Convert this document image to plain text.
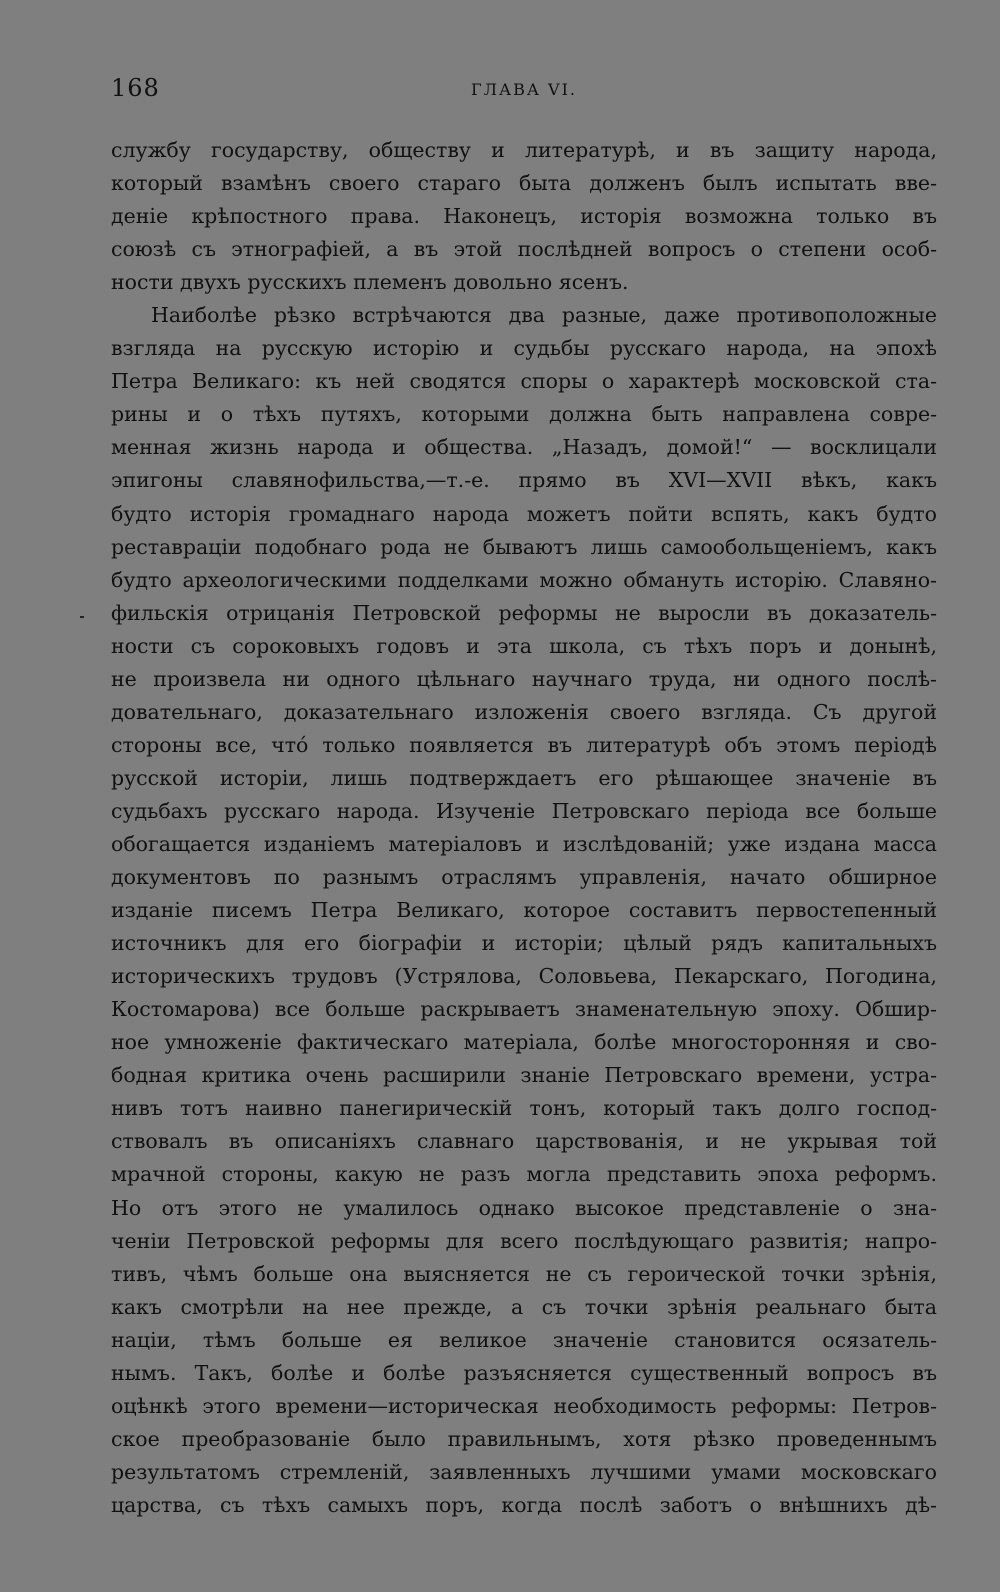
168	ГЛАВА VI.
службу государству, обществу и литературѣ, и въ защиту народа,
который взамѣнъ своего стараго быта долженъ былъ испытать вве-
деніе крѣпостного права. Наконецъ, исторія возможна только въ
союзѣ съ этнографіей, а въ этой послѣдней вопросъ о степени особ-
ности двухъ русскихъ племенъ довольно ясенъ.
Наиболѣе рѣзко встрѣчаются два разные, даже противоположные
взгляда на русскую исторію и судьбы русскаго народа, на эпохѣ
Петра Великаго: къ ней сводятся споры о характерѣ московской ста-
рины и о тѣхъ путяхъ, которыми должна быть направлена совре-
менная жизнь народа и общества. „Назадъ, домой!“ — восклицали
эпигоны славянофильства,—т.-е. прямо въ XVI—XVII вѣкъ, какъ
будто исторія громаднаго народа можетъ пойти вспять, какъ будто
реставраціи подобнаго рода не бываютъ лишь самообольщеніемъ, какъ
будто археологическими подделками можно обмануть исторію. Славяно-
фильскія отрицанія Петровской реформы не выросли въ доказатель-
ности съ сороковыхъ годовъ и эта школа, съ тѣхъ поръ и донынѣ,
не произвела ни одного цѣльнаго научнаго труда, ни одного послѣ-
довательнаго, доказательнаго изложенія своего взгляда. Съ другой
стороны все, что́ только появляется въ литературѣ объ этомъ періодѣ
русской исторіи, лишь подтверждаетъ его рѣшающее значеніе въ
судьбахъ русскаго народа. Изученіе Петровскаго періода все больше
обогащается изданіемъ матеріаловъ и изслѣдованій; уже издана масса
документовъ по разнымъ отраслямъ управленія, начато обширное
изданіе писемъ Петра Великаго, которое составитъ первостепенный
источникъ для его біографіи и исторіи; цѣлый рядъ капитальныхъ
историческихъ трудовъ (Устрялова, Соловьева, Пекарскаго, Погодина,
Костомарова) все больше раскрываетъ знаменательную эпоху. Обшир-
ное умноженіе фактическаго матеріала, болѣе многосторонняя и сво-
бодная критика очень расширили знаніе Петровскаго времени, устра-
нивъ тотъ наивно панегирическій тонъ, который такъ долго господ-
ствовалъ въ описаніяхъ славнаго царствованія, и не укрывая той
мрачной стороны, какую не разъ могла представить эпоха реформъ.
Но отъ этого не умалилось однако высокое представленіе о зна-
ченіи Петровской реформы для всего послѣдующаго развитія; напро-
тивъ, чѣмъ больше она выясняется не съ героической точки зрѣнія,
какъ смотрѣли на нее прежде, а съ точки зрѣнія реальнаго быта
націи, тѣмъ больше ея великое значеніе становится осязатель-
нымъ. Такъ, болѣе и болѣе разъясняется существенный вопросъ въ
оцѣнкѣ этого времени—историческая необходимость реформы: Петров-
ское преобразованіе было правильнымъ, хотя рѣзко проведеннымъ
результатомъ стремленій, заявленныхъ лучшими умами московскаго
царства, съ тѣхъ самыхъ поръ, когда послѣ заботъ о внѣшнихъ дѣ-
